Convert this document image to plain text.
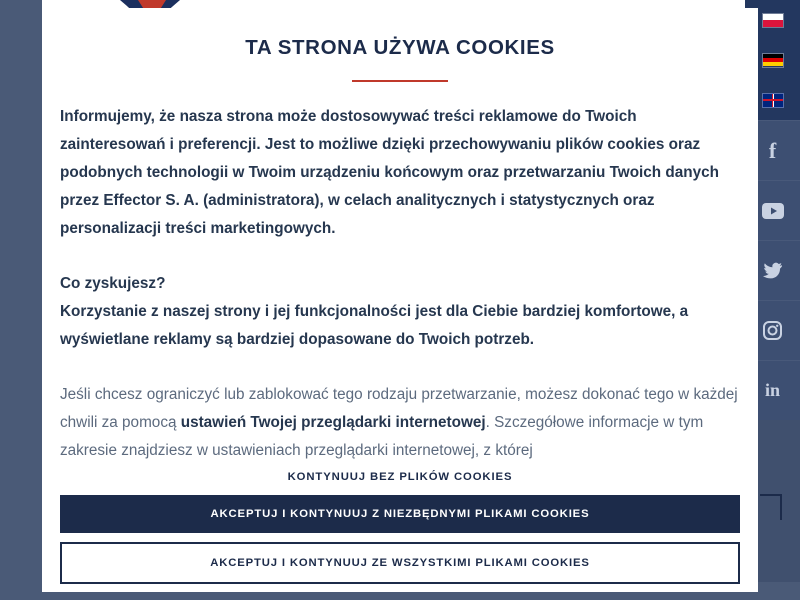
f
in
TA STRONA UŻYWA COOKIES

Informujemy, że nasza strona może dostosowywać treści reklamowe do Twoich zainteresowań i preferencji. Jest to możliwe dzięki przechowywaniu plików cookies oraz podobnych technologii w Twoim urządzeniu końcowym oraz przetwarzaniu Twoich danych przez Effector S. A. (administratora), w celach analitycznych i statystycznych oraz personalizacji treści marketingowych.

Co zyskujesz?

Korzystanie z naszej strony i jej funkcjonalności jest dla Ciebie bardziej komfortowe, a wyświetlane reklamy są bardziej dopasowane do Twoich potrzeb.

Jeśli chcesz ograniczyć lub zablokować tego rodzaju przetwarzanie, możesz dokonać tego w każdej chwili za pomocą ustawień Twojej przeglądarki internetowej. Szczegółowe informacje w tym zakresie znajdziesz w ustawieniach przeglądarki internetowej, z której

KONTYNUUJ BEZ PLIKÓW COOKIES
AKCEPTUJ I KONTYNUUJ Z NIEZBĘDNYMI PLIKAMI COOKIES
AKCEPTUJ I KONTYNUUJ ZE WSZYSTKIMI PLIKAMI COOKIES
